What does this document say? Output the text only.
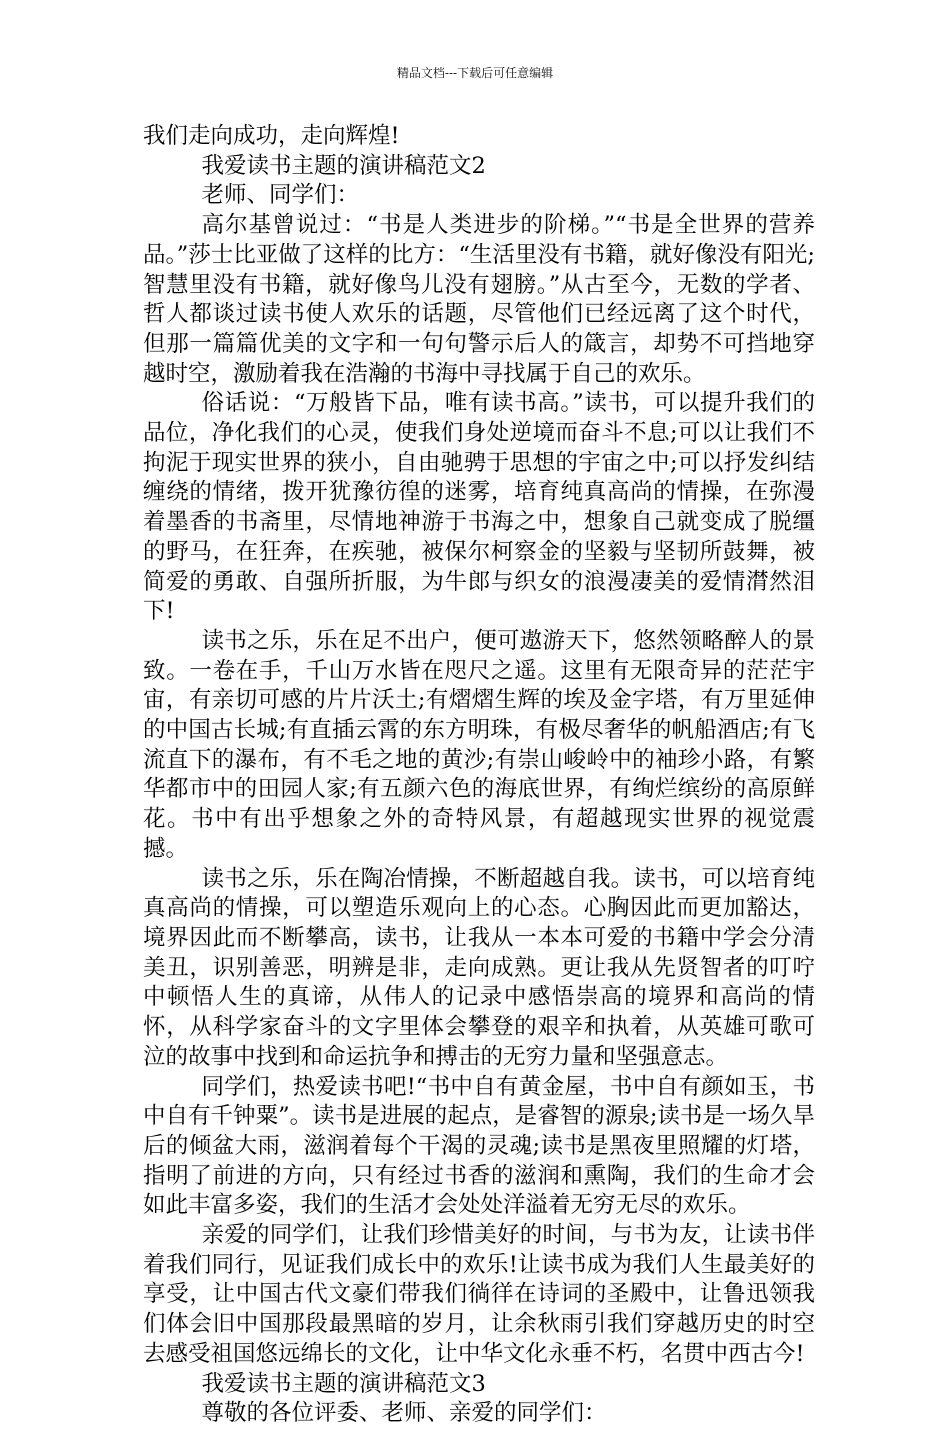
精品文档---下载后可任意编辑

我们走向成功，走向辉煌!

我爱读书主题的演讲稿范文2

老师、同学们：

高尔基曾说过：“书是人类进步的阶梯。”“书是全世界的营养品。”莎士比亚做了这样的比方：“生活里没有书籍，就好像没有阳光;智慧里没有书籍，就好像鸟儿没有翅膀。”从古至今，无数的学者、哲人都谈过读书使人欢乐的话题，尽管他们已经远离了这个时代，但那一篇篇优美的文字和一句句警示后人的箴言，却势不可挡地穿越时空，激励着我在浩瀚的书海中寻找属于自己的欢乐。

俗话说：“万般皆下品，唯有读书高。”读书，可以提升我们的品位，净化我们的心灵，使我们身处逆境而奋斗不息;可以让我们不拘泥于现实世界的狭小，自由驰骋于思想的宇宙之中;可以抒发纠结缠绕的情绪，拨开犹豫彷徨的迷雾，培育纯真高尚的情操，在弥漫着墨香的书斋里，尽情地神游于书海之中，想象自己就变成了脱缰的野马，在狂奔，在疾驰，被保尔柯察金的坚毅与坚韧所鼓舞，被简爱的勇敢、自强所折服，为牛郎与织女的浪漫凄美的爱情潸然泪下!

读书之乐，乐在足不出户，便可遨游天下，悠然领略醉人的景致。一卷在手，千山万水皆在咫尺之遥。这里有无限奇异的茫茫宇宙，有亲切可感的片片沃土;有熠熠生辉的埃及金字塔，有万里延伸的中国古长城;有直插云霄的东方明珠，有极尽奢华的帆船酒店;有飞流直下的瀑布，有不毛之地的黄沙;有崇山峻岭中的袖珍小路，有繁华都市中的田园人家;有五颜六色的海底世界，有绚烂缤纷的高原鲜花。书中有出乎想象之外的奇特风景，有超越现实世界的视觉震撼。

读书之乐，乐在陶冶情操，不断超越自我。读书，可以培育纯真高尚的情操，可以塑造乐观向上的心态。心胸因此而更加豁达，境界因此而不断攀高，读书，让我从一本本可爱的书籍中学会分清美丑，识别善恶，明辨是非，走向成熟。更让我从先贤智者的叮咛中顿悟人生的真谛，从伟人的记录中感悟崇高的境界和高尚的情怀，从科学家奋斗的文字里体会攀登的艰辛和执着，从英雄可歌可泣的故事中找到和命运抗争和搏击的无穷力量和坚强意志。

同学们，热爱读书吧!“书中自有黄金屋，书中自有颜如玉，书中自有千钟粟”。读书是进展的起点，是睿智的源泉;读书是一场久旱后的倾盆大雨，滋润着每个干渴的灵魂;读书是黑夜里照耀的灯塔，指明了前进的方向，只有经过书香的滋润和熏陶，我们的生命才会如此丰富多姿，我们的生活才会处处洋溢着无穷无尽的欢乐。

亲爱的同学们，让我们珍惜美好的时间，与书为友，让读书伴着我们同行，见证我们成长中的欢乐!让读书成为我们人生最美好的享受，让中国古代文豪们带我们徜徉在诗词的圣殿中，让鲁迅领我们体会旧中国那段最黑暗的岁月，让余秋雨引我们穿越历史的时空去感受祖国悠远绵长的文化，让中华文化永垂不朽，名贯中西古今!

我爱读书主题的演讲稿范文3

尊敬的各位评委、老师、亲爱的同学们：
